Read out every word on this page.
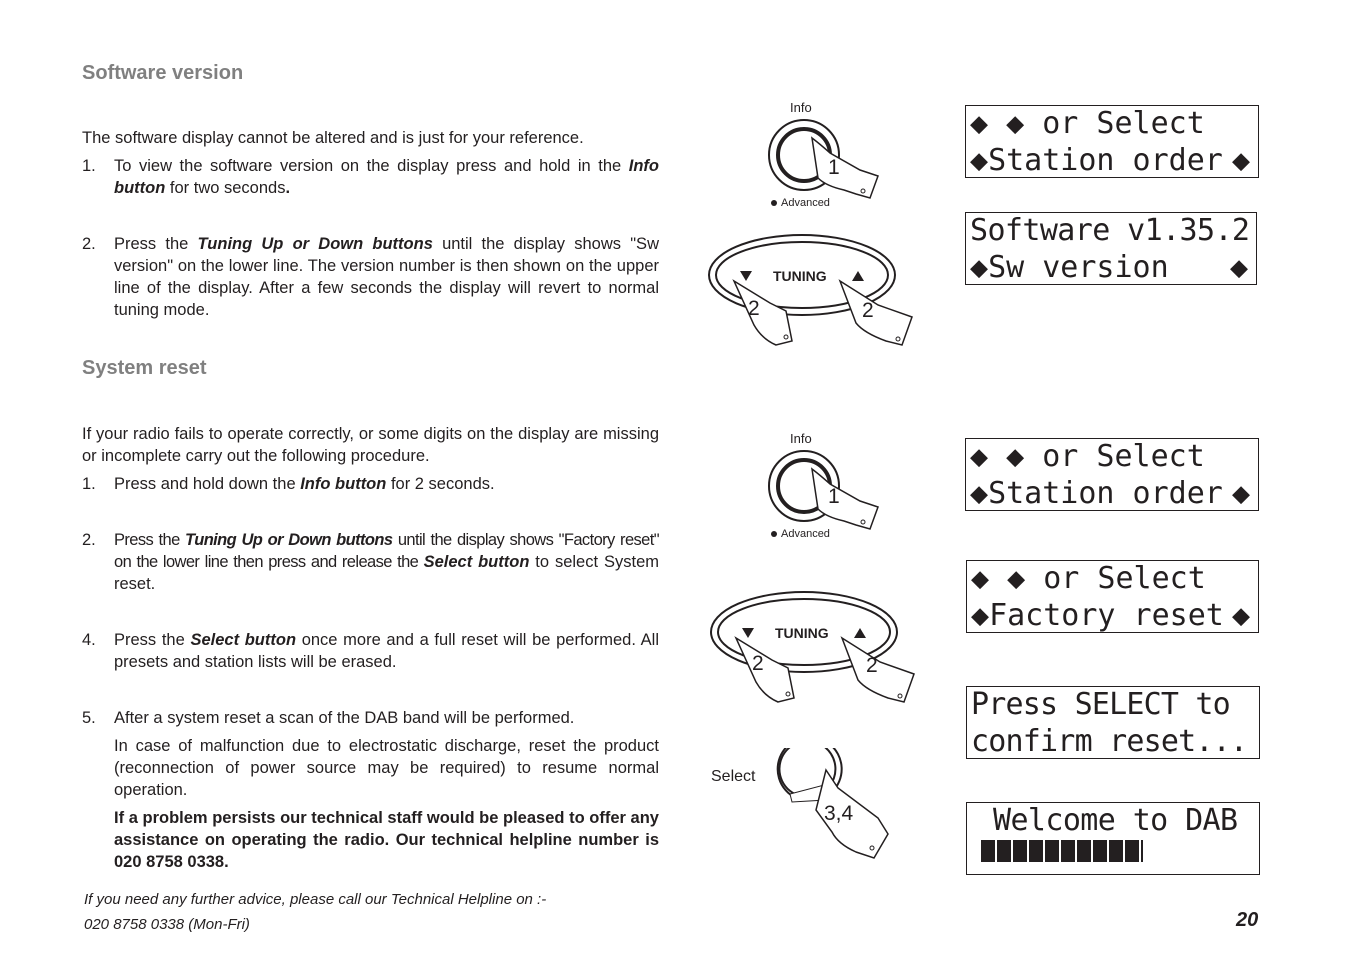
Software version
The software display cannot be altered and is just for your reference.
1. To view the software version on the display press and hold in the Info button for two seconds.
2. Press the Tuning Up or Down buttons until the display shows "Sw version" on the lower line. The version number is then shown on the upper line of the display. After a few seconds the display will revert to normal tuning mode.
System reset
If your radio fails to operate correctly, or some digits on the display are missing or incomplete carry out the following procedure.
1. Press and hold down the Info button for 2 seconds.
2. Press the Tuning Up or Down buttons until the display shows "Factory reset" on the lower line then press and release the Select button to select System reset.
4. Press the Select button once more and a full reset will be performed. All presets and station lists will be erased.
5. After a system reset a scan of the DAB band will be performed.
In case of malfunction due to electrostatic discharge, reset the product (reconnection of power source may be required) to resume normal operation.
If a problem persists our technical staff would be pleased to offer any assistance on operating the radio. Our technical helpline number is 020 8758 0338.
If you need any further advice, please call our Technical Helpline on :-
020 8758 0338 (Mon-Fri)	20
Info
1
Advanced
TUNING
2	2
Info
1
Advanced
TUNING
2	2
Select
3,4
◆ ◆ or Select
◆Station order ◆
Software v1.35.2
◆Sw version ◆
◆ ◆ or Select
◆Station order ◆
◆ ◆ or Select
◆Factory reset ◆
Press SELECT to
confirm reset...
Welcome to DAB
